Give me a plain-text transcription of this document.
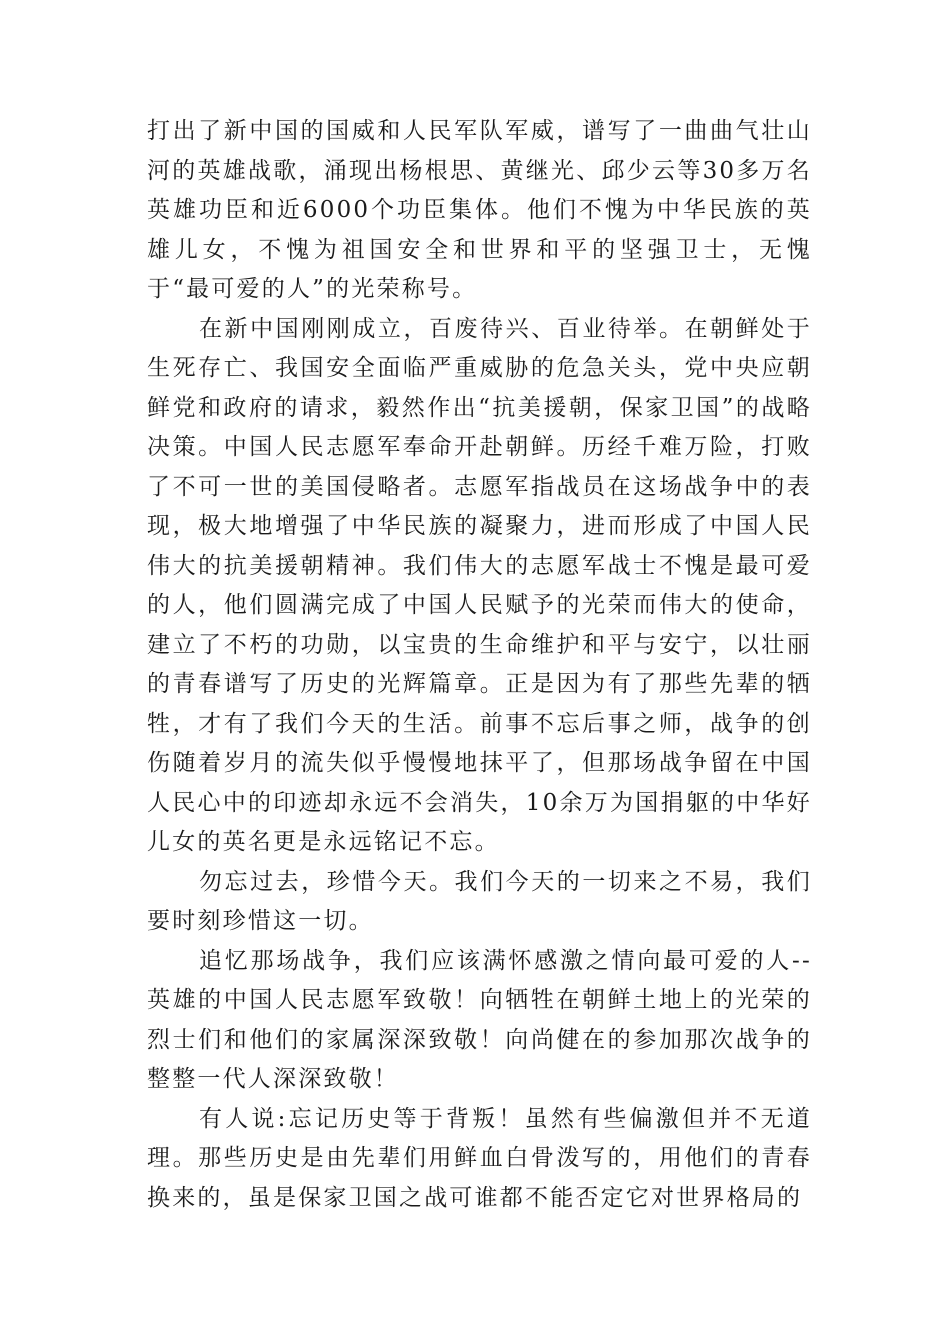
打出了新中国的国威和人民军队军威，谱写了一曲曲气壮山河的英雄战歌，涌现出杨根思、黄继光、邱少云等30多万名英雄功臣和近6000个功臣集体。他们不愧为中华民族的英雄儿女，不愧为祖国安全和世界和平的坚强卫士，无愧于“最可爱的人”的光荣称号。

在新中国刚刚成立，百废待兴、百业待举。在朝鲜处于生死存亡、我国安全面临严重威胁的危急关头，党中央应朝鲜党和政府的请求，毅然作出“抗美援朝，保家卫国”的战略决策。中国人民志愿军奉命开赴朝鲜。历经千难万险，打败了不可一世的美国侵略者。志愿军指战员在这场战争中的表现，极大地增强了中华民族的凝聚力，进而形成了中国人民伟大的抗美援朝精神。我们伟大的志愿军战士不愧是最可爱的人，他们圆满完成了中国人民赋予的光荣而伟大的使命，建立了不朽的功勋，以宝贵的生命维护和平与安宁，以壮丽的青春谱写了历史的光辉篇章。正是因为有了那些先辈的牺牲，才有了我们今天的生活。前事不忘后事之师，战争的创伤随着岁月的流失似乎慢慢地抹平了，但那场战争留在中国人民心中的印迹却永远不会消失，10余万为国捐躯的中华好儿女的英名更是永远铭记不忘。

勿忘过去，珍惜今天。我们今天的一切来之不易，我们要时刻珍惜这一切。

追忆那场战争，我们应该满怀感激之情向最可爱的人--英雄的中国人民志愿军致敬！向牺牲在朝鲜土地上的光荣的烈士们和他们的家属深深致敬！向尚健在的参加那次战争的整整一代人深深致敬！

有人说:忘记历史等于背叛！虽然有些偏激但并不无道理。那些历史是由先辈们用鲜血白骨泼写的，用他们的青春换来的，虽是保家卫国之战可谁都不能否定它对世界格局的
